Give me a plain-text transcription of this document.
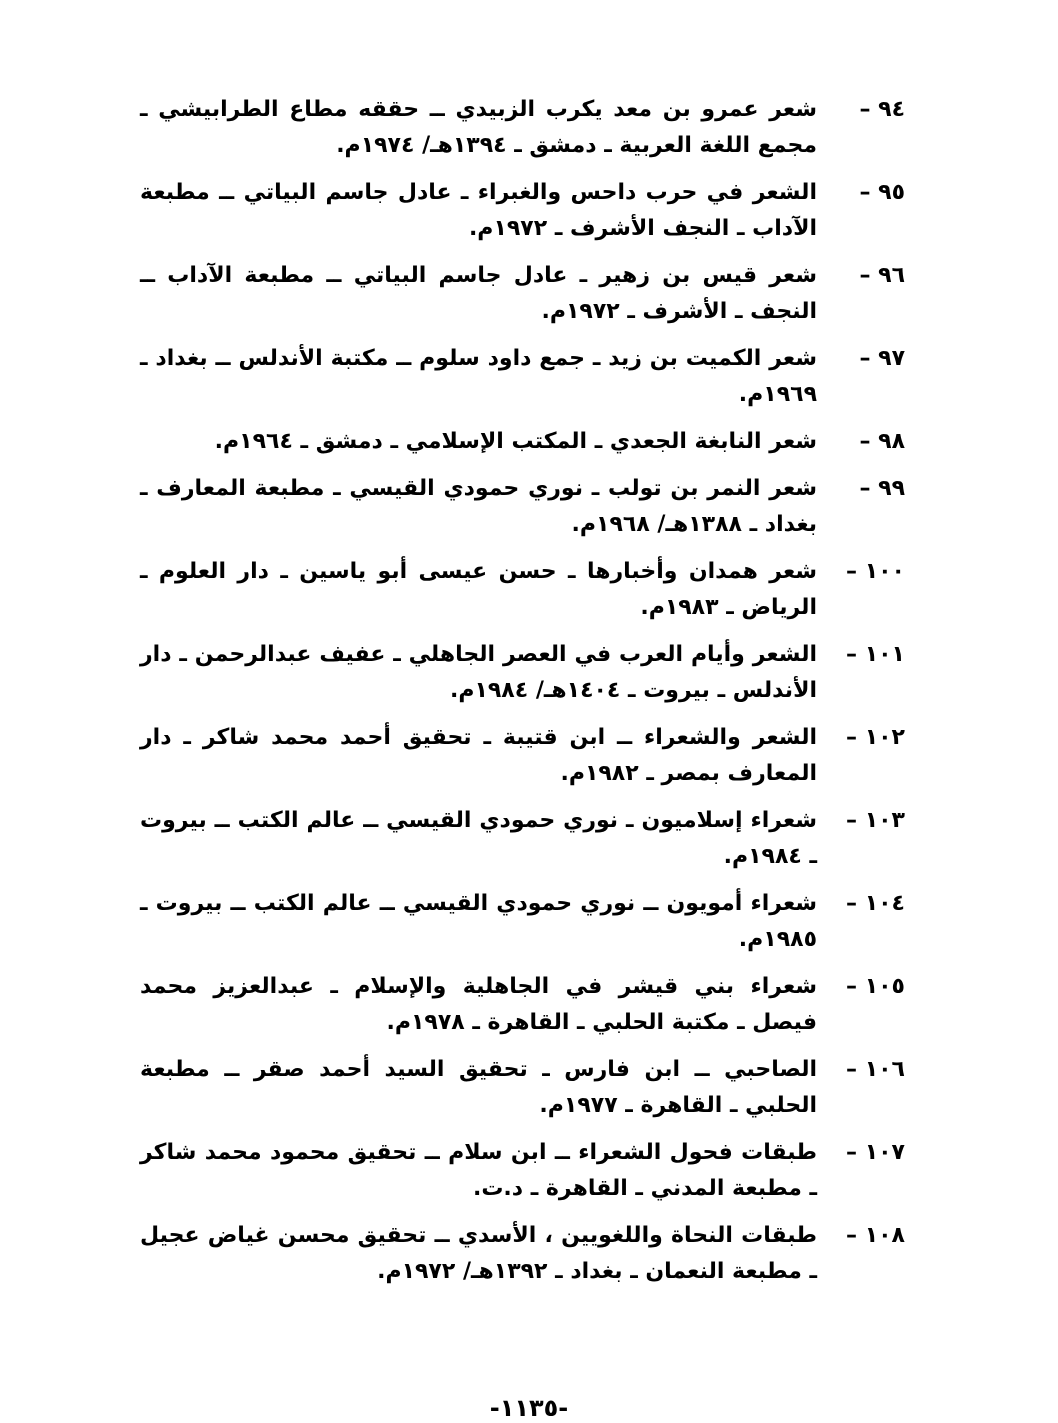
٩٤ –
شعر عمرو بن معد يكرب الزبيدي ــ حققه مطاع الطرابيشي ـ مجمع اللغة العربية ـ دمشق ـ ١٣٩٤هـ/ ١٩٧٤م.
٩٥ –
الشعر في حرب داحس والغبراء ـ عادل جاسم البياتي ــ مطبعة الآداب ـ النجف الأشرف ـ ١٩٧٢م.
٩٦ –
شعر قيس بن زهير ـ عادل جاسم البياتي ــ مطبعة الآداب ــ النجف ـ الأشرف ـ ١٩٧٢م.
٩٧ –
شعر الكميت بن زيد ـ جمع داود سلوم ــ مكتبة الأندلس ــ بغداد ـ ١٩٦٩م.
٩٨ –
شعر النابغة الجعدي ـ المكتب الإسلامي ـ دمشق ـ ١٩٦٤م.
٩٩ –
شعر النمر بن تولب ـ نوري حمودي القيسي ـ مطبعة المعارف ـ بغداد ـ ١٣٨٨هـ/ ١٩٦٨م.
١٠٠ –
شعر همدان وأخبارها ـ حسن عيسى أبو ياسين ـ دار العلوم ـ الرياض ـ ١٩٨٣م.
١٠١ –
الشعر وأيام العرب في العصر الجاهلي ـ عفيف عبدالرحمن ـ دار الأندلس ـ بيروت ـ ١٤٠٤هـ/ ١٩٨٤م.
١٠٢ –
الشعر والشعراء ــ ابن قتيبة ـ تحقيق أحمد محمد شاكر ـ دار المعارف بمصر ـ ١٩٨٢م.
١٠٣ –
شعراء إسلاميون ـ نوري حمودي القيسي ــ عالم الكتب ــ بيروت ـ ١٩٨٤م.
١٠٤ –
شعراء أمويون ــ نوري حمودي القيسي ــ عالم الكتب ــ بيروت ـ ١٩٨٥م.
١٠٥ –
شعراء بني قيشر في الجاهلية والإسلام ـ عبدالعزيز محمد فيصل ـ مكتبة الحلبي ـ القاهرة ـ ١٩٧٨م.
١٠٦ –
الصاحبي ــ ابن فارس ـ تحقيق السيد أحمد صقر ــ مطبعة الحلبي ـ القاهرة ـ ١٩٧٧م.
١٠٧ –
طبقات فحول الشعراء ــ ابن سلام ــ تحقيق محمود محمد شاكر ـ مطبعة المدني ـ القاهرة ـ د.ت.
١٠٨ –
طبقات النحاة واللغويين ، الأسدي ــ تحقيق محسن غياض عجيل ـ مطبعة النعمان ـ بغداد ـ ١٣٩٢هـ/ ١٩٧٢م.
-١١٣٥-
